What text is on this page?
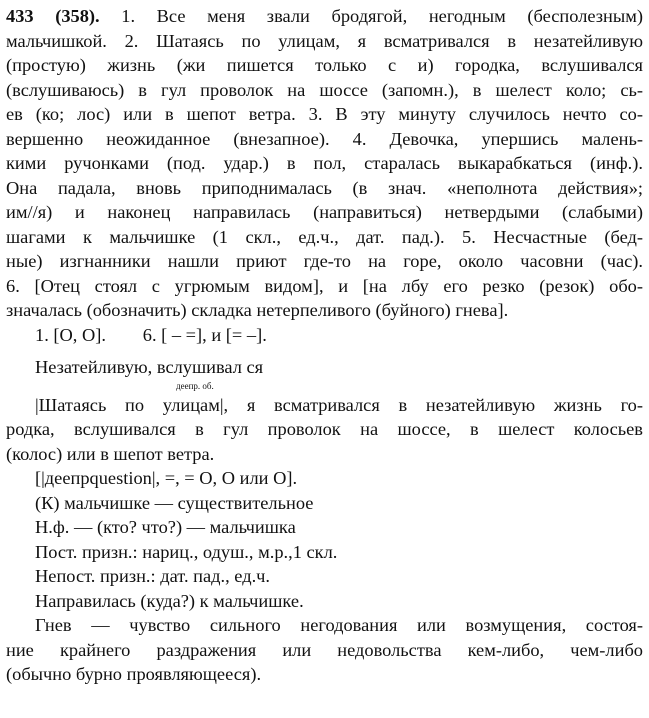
433 (358). 1. Все меня звали бродягой, негодным (бесполезным)
мальчишкой. 2. Шатаясь по улицам, я всматривался в незатейливую
(простую) жизнь (жи пишется только с и) городка, вслушивался
(вслушиваюсь) в гул проволок на шоссе (запомн.), в шелест коло; сь-
ев (ко; лос) или в шепот ветра. 3. В эту минуту случилось нечто со-
вершенно неожиданное (внезапное). 4. Девочка, упершись малень-
кими ручонками (под. удар.) в пол, старалась выкарабкаться (инф.).
Она падала, вновь приподнималась (в знач. «неполнота действия»;
им//я) и наконец направилась (направиться) нетвердыми (слабыми)
шагами к мальчишке (1 скл., ед.ч., дат. пад.). 5. Несчастные (бед-
ные) изгнанники нашли приют где-то на горе, около часовни (час).
6. [Отец стоял с угрюмым видом], и [на лбу его резко (резок) обо-
значалась (обозначить) складка нетерпеливого (буйного) гнева].
1. [О, О].        6. [ – =], и [= –].
Незатейливую, вслушивал ся
деепр. об.
|Шатаясь по улицам|, я всматривался в незатейливую жизнь го-
родка, вслушивался в гул проволок на шоссе, в шелест колосьев
(колос) или в шепот ветра.
[|деепрquestion|, =, = О, О или О].
(К) мальчишке — существительное
Н.ф. — (кто? что?) — мальчишка
Пост. призн.: нариц., одуш., м.р.,1 скл.
Непост. призн.: дат. пад., ед.ч.
Направилась (куда?) к мальчишке.
Гнев — чувство сильного негодования или возмущения, состоя-
ние крайнего раздражения или недовольства кем-либо, чем-либо
(обычно бурно проявляющееся).
